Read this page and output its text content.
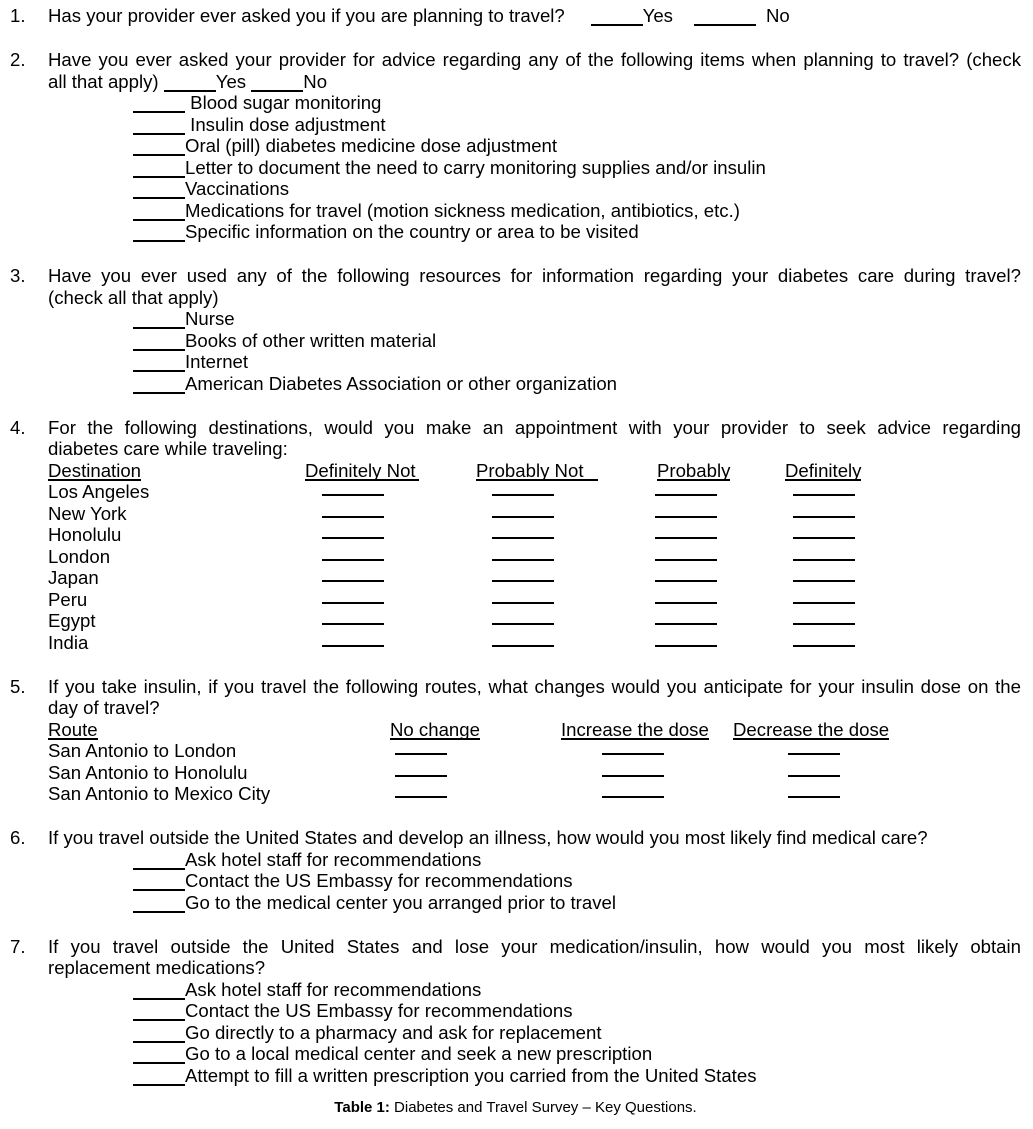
1.	Has your provider ever asked you if you are planning to travel?	Yes	No
2.	Have you ever asked your provider for advice regarding any of the following items when planning to travel? (check
all that apply)	Yes	No
Blood sugar monitoring
Insulin dose adjustment
Oral (pill) diabetes medicine dose adjustment
Letter to document the need to carry monitoring supplies and/or insulin
Vaccinations
Medications for travel (motion sickness medication, antibiotics, etc.)
Specific information on the country or area to be visited
3.	Have you ever used any of the following resources for information regarding your diabetes care during travel?
(check all that apply)
Nurse
Books of other written material
Internet
American Diabetes Association or other organization
4.	For the following destinations, would you make an appointment with your provider to seek advice regarding
diabetes care while traveling:
Destination	Definitely Not	Probably Not	Probably	Definitely
Los Angeles
New York
Honolulu
London
Japan
Peru
Egypt
India
5.	If you take insulin, if you travel the following routes, what changes would you anticipate for your insulin dose on the
day of travel?
Route	No change	Increase the dose Decrease the dose
San Antonio to London
San Antonio to Honolulu
San Antonio to Mexico City
6.	If you travel outside the United States and develop an illness, how would you most likely find medical care?
Ask hotel staff for recommendations
Contact the US Embassy for recommendations
Go to the medical center you arranged prior to travel
7.	If you travel outside the United States and lose your medication/insulin, how would you most likely obtain
replacement medications?
Ask hotel staff for recommendations
Contact the US Embassy for recommendations
Go directly to a pharmacy and ask for replacement
Go to a local medical center and seek a new prescription
Attempt to fill a written prescription you carried from the United States
Table 1: Diabetes and Travel Survey – Key Questions.
